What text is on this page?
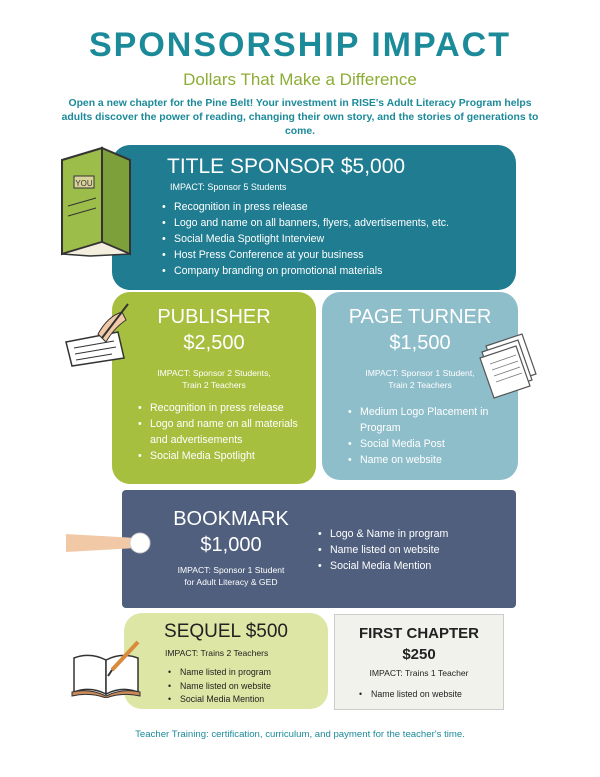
SPONSORSHIP IMPACT
Dollars That Make a Difference
Open a new chapter for the Pine Belt! Your investment in RISE's Adult Literacy Program helps adults discover the power of reading, changing their own story, and the stories of generations to come.
TITLE SPONSOR $5,000
IMPACT: Sponsor 5 Students
• Recognition in press release
• Logo and name on all banners, flyers, advertisements, etc.
• Social Media Spotlight Interview
• Host Press Conference at your business
• Company branding on promotional materials
YOU
PUBLISHER
$2,500
IMPACT: Sponsor 2 Students,
Train 2 Teachers
• Recognition in press release
• Logo and name on all materials and advertisements
• Social Media Spotlight
PAGE TURNER
$1,500
IMPACT: Sponsor 1 Student,
Train 2 Teachers
• Medium Logo Placement in Program
• Social Media Post
• Name on website
BOOKMARK
$1,000
IMPACT: Sponsor 1 Student
for Adult Literacy & GED
• Logo & Name in program
• Name listed on website
• Social Media Mention
SEQUEL $500
IMPACT: Trains 2 Teachers
• Name listed in program
• Name listed on website
• Social Media Mention
FIRST CHAPTER
$250
IMPACT: Trains 1 Teacher
• Name listed on website
Teacher Training: certification, curriculum, and payment for the teacher's time.
